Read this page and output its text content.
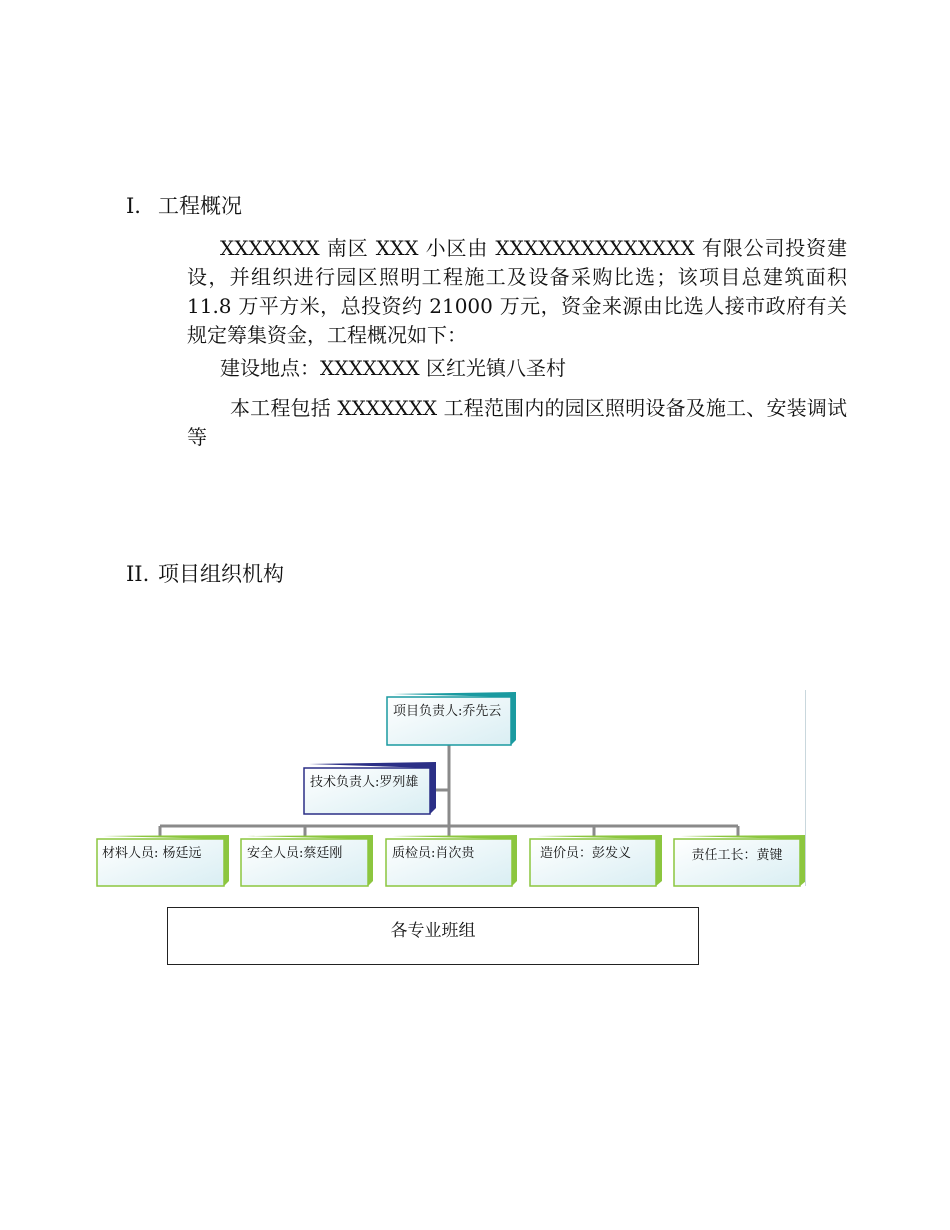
I. 工程概况

XXXXXXX 南区 XXX 小区由 XXXXXXXXXXXXXX 有限公司投资建设，并组织进行园区照明工程施工及设备采购比选；该项目总建筑面积 11.8 万平方米，总投资约 21000 万元，资金来源由比选人接市政府有关规定筹集资金，工程概况如下：

建设地点：XXXXXXX 区红光镇八圣村

本工程包括 XXXXXXX 工程范围内的园区照明设备及施工、安装调试等

II. 项目组织机构
项目负责人:乔先云
技术负责人:罗列雄
材料人员: 杨廷远	安全人员:蔡廷刚	质检员:肖次贵	造价员：彭发义	责任工长：黄键
各专业班组
